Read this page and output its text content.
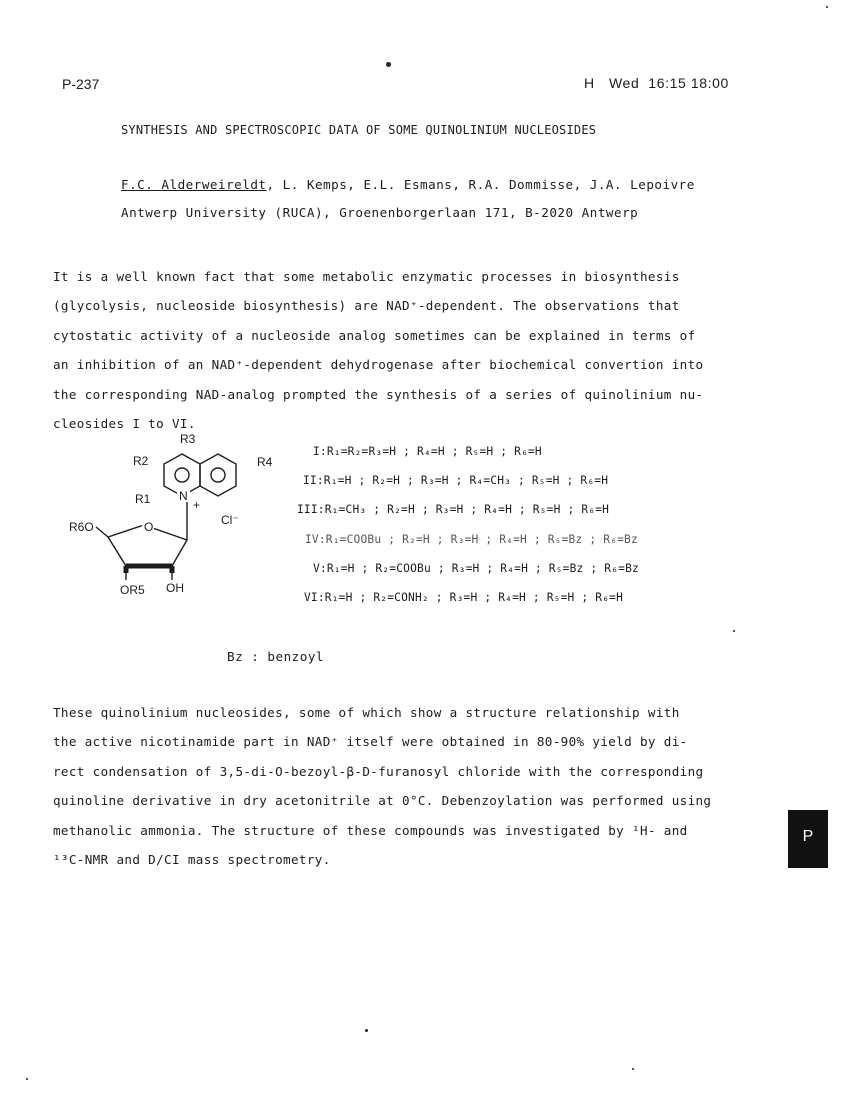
P-237	H Wed  16:15 18:00
SYNTHESIS AND SPECTROSCOPIC DATA OF SOME QUINOLINIUM NUCLEOSIDES
F.C. Alderweireldt, L. Kemps, E.L. Esmans, R.A. Dommisse, J.A. Lepoivre
Antwerp University (RUCA), Groenenborgerlaan 171, B-2020 Antwerp

It is a well known fact that some metabolic enzymatic processes in biosynthesis

(glycolysis, nucleoside biosynthesis) are NAD⁺-dependent. The observations that

cytostatic activity of a nucleoside analog sometimes can be explained in terms of

an inhibition of an NAD⁺-dependent dehydrogenase after biochemical convertion into

the corresponding NAD-analog prompted the synthesis of a series of quinolinium nu-

cleosides I to VI.

R3
R2	R4
R1 N
+
Cl⁻
R6O	O
OR5 OH
I:R₁=R₂=R₃=H ; R₄=H ; R₅=H ; R₆=H
II:R₁=H ; R₂=H ; R₃=H ; R₄=CH₃ ; R₅=H ; R₆=H
III:R₁=CH₃ ; R₂=H ; R₃=H ; R₄=H ; R₅=H ; R₆=H
IV:R₁=COOBu ; R₂=H ; R₃=H ; R₄=H ; R₅=Bz ; R₆=Bz
V:R₁=H ; R₂=COOBu ; R₃=H ; R₄=H ; R₅=Bz ; R₆=Bz
VI:R₁=H ; R₂=CONH₂ ; R₃=H ; R₄=H ; R₅=H ; R₆=H
Bz : benzoyl

These quinolinium nucleosides, some of which show a structure relationship with

the active nicotinamide part in NAD⁺ itself were obtained in 80-90% yield by di-

rect condensation of 3,5-di-O-bezoyl-β-D-furanosyl chloride with the corresponding

quinoline derivative in dry acetonitrile at 0°C. Debenzoylation was performed using

methanolic ammonia. The structure of these compounds was investigated by ¹H- and

¹³C-NMR and D/CI mass spectrometry.

P
